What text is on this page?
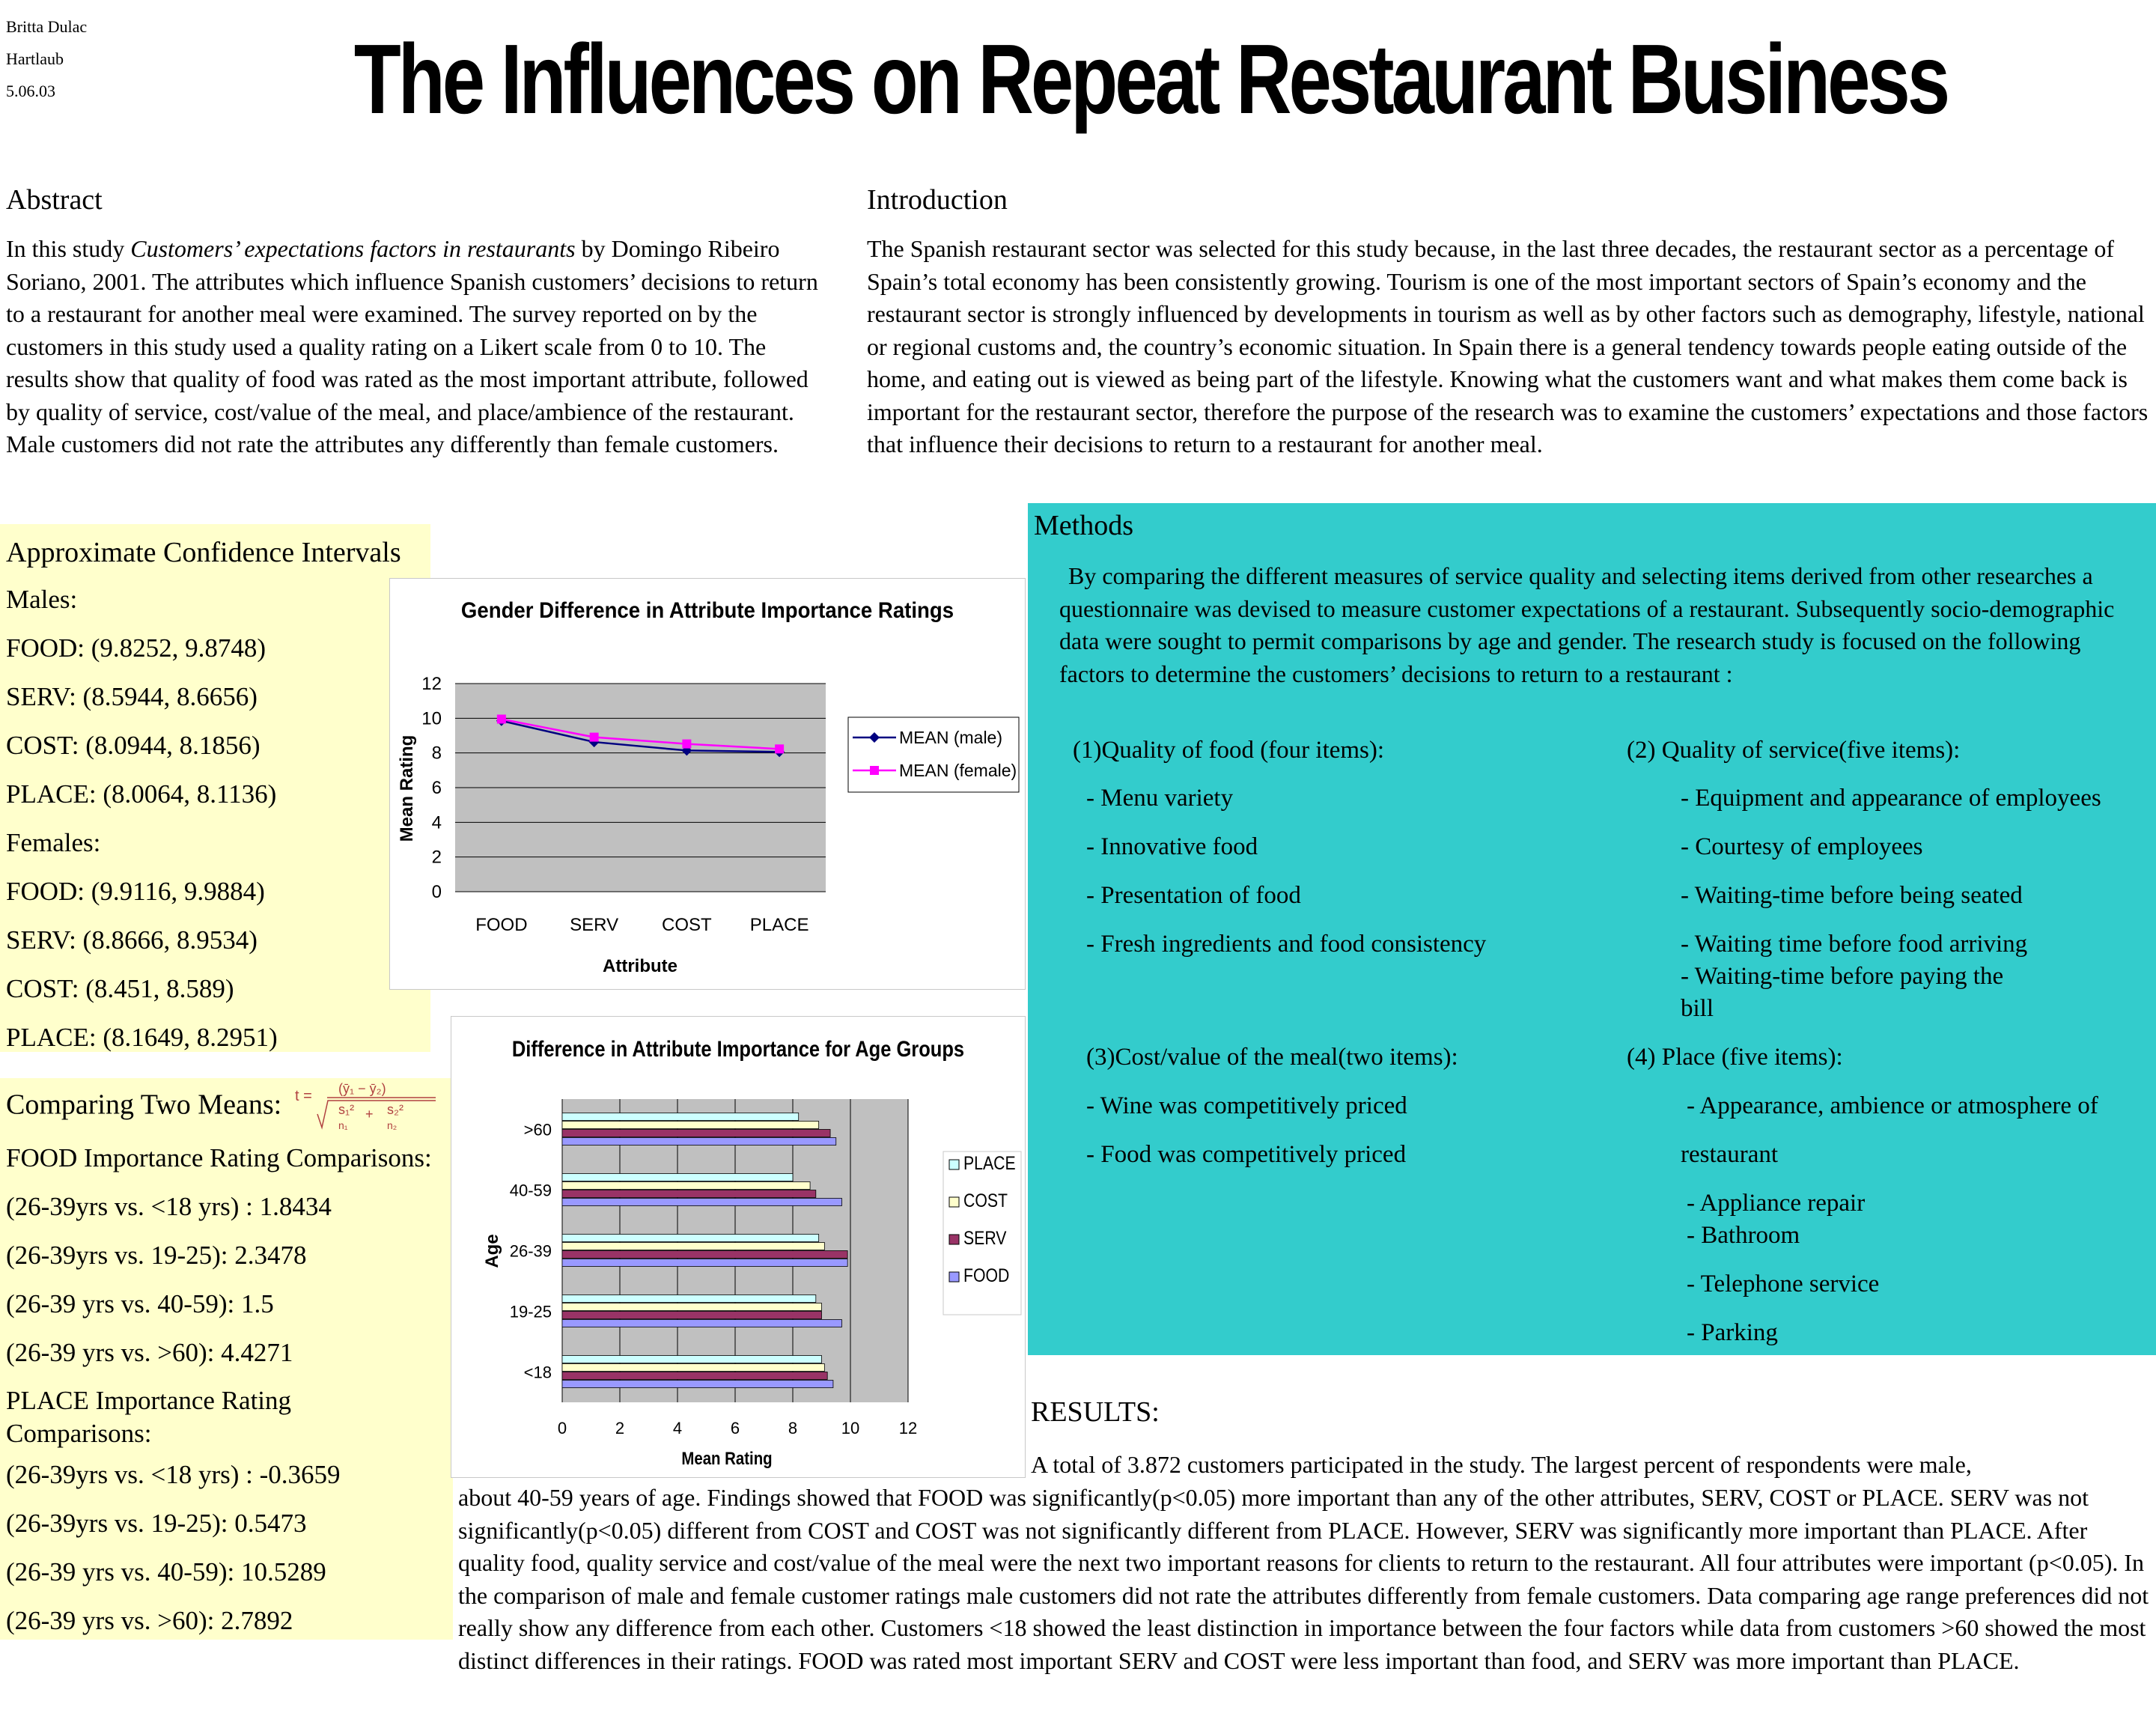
Britta Dulac
Hartlaub
5.06.03	The Influences on Repeat Restaurant Business
Abstract
In this study Customers’ expectations factors in restaurants by Domingo Ribeiro Soriano, 2001. The attributes which influence Spanish customers’ decisions to return to a restaurant for another meal were examined. The survey reported on by the customers in this study used a quality rating on a Likert scale from 0 to 10. The results show that quality of food was rated as the most important attribute, followed by quality of service, cost/value of the meal, and place/ambience of the restaurant. Male customers did not rate the attributes any differently than female customers.
Introduction
The Spanish restaurant sector was selected for this study because, in the last three decades, the restaurant sector as a percentage of Spain’s total economy has been consistently growing. Tourism is one of the most important sectors of Spain’s economy and the restaurant sector is strongly influenced by developments in tourism as well as by other factors such as demography, lifestyle, national or regional customs and, the country’s economic situation. In Spain there is a general tendency towards people eating outside of the home, and eating out is viewed as being part of the lifestyle. Knowing what the customers want and what makes them come back is important for the restaurant sector, therefore the purpose of the research was to examine the customers’ expectations and those factors that influence their decisions to return to a restaurant for another meal.
Approximate Confidence Intervals
Males:
FOOD: (9.8252, 9.8748)
SERV: (8.5944, 8.6656)
COST: (8.0944, 8.1856)
PLACE: (8.0064, 8.1136)
Females:
FOOD: (9.9116, 9.9884)
SERV: (8.8666, 8.9534)
COST: (8.451, 8.589)
PLACE: (8.1649, 8.2951)
Comparing Two Means: t = (ȳ₁ − ȳ₂)
s₁² + s₂²
n₁	n₂
FOOD Importance Rating Comparisons:
(26-39yrs vs. <18 yrs) : 1.8434
(26-39yrs vs. 19-25): 2.3478
(26-39 yrs vs. 40-59): 1.5
(26-39 yrs vs. >60): 4.4271
PLACE Importance Rating
Comparisons:
(26-39yrs vs. <18 yrs) : -0.3659
(26-39yrs vs. 19-25): 0.5473
(26-39 yrs vs. 40-59): 10.5289
(26-39 yrs vs. >60): 2.7892
Gender Difference in Attribute Importance Ratings
0
2
4
6
8
10
12
FOOD SERV COST PLACE
Mean Rating
Attribute
MEAN (male)
MEAN (female)
Difference in Attribute Importance for Age Groups
>60
40-59
26-39
19-25
<18
0	2	4	6	8	10 12
Age
Mean Rating
PLACE
COST
SERV
FOOD
Methods
By comparing the different measures of service quality and selecting items derived from other researches a questionnaire was devised to measure customer expectations of a restaurant. Subsequently socio-demographic data were sought to permit comparisons by age and gender. The research study is focused on the following factors to determine the customers’ decisions to return to a restaurant :
(1)Quality of food (four items):
- Menu variety
- Innovative food
- Presentation of food
- Fresh ingredients and food consistency
(2) Quality of service(five items):
- Equipment and appearance of employees
- Courtesy of employees
- Waiting-time before being seated
- Waiting time before food arriving
- Waiting-time before paying the
bill
(3)Cost/value of the meal(two items):
- Wine was competitively priced
- Food was competitively priced
(4) Place (five items):
- Appearance, ambience or atmosphere of
restaurant
- Appliance repair
- Bathroom
- Telephone service
- Parking
RESULTS:
A total of 3.872 customers participated in the study. The largest percent of respondents were male,
about 40-59 years of age. Findings showed that FOOD was significantly(p<0.05) more important than any of the other attributes, SERV, COST or PLACE. SERV was not significantly(p<0.05) different from COST and COST was not significantly different from PLACE. However, SERV was significantly more important than PLACE. After quality food, quality service and cost/value of the meal were the next two important reasons for clients to return to the restaurant. All four attributes were important (p<0.05). In the comparison of male and female customer ratings male customers did not rate the attributes differently from female customers. Data comparing age range preferences did not really show any difference from each other. Customers <18 showed the least distinction in importance between the four factors while data from customers >60 showed the most distinct differences in their ratings. FOOD was rated most important SERV and COST were less important than food, and SERV was more important than PLACE.
